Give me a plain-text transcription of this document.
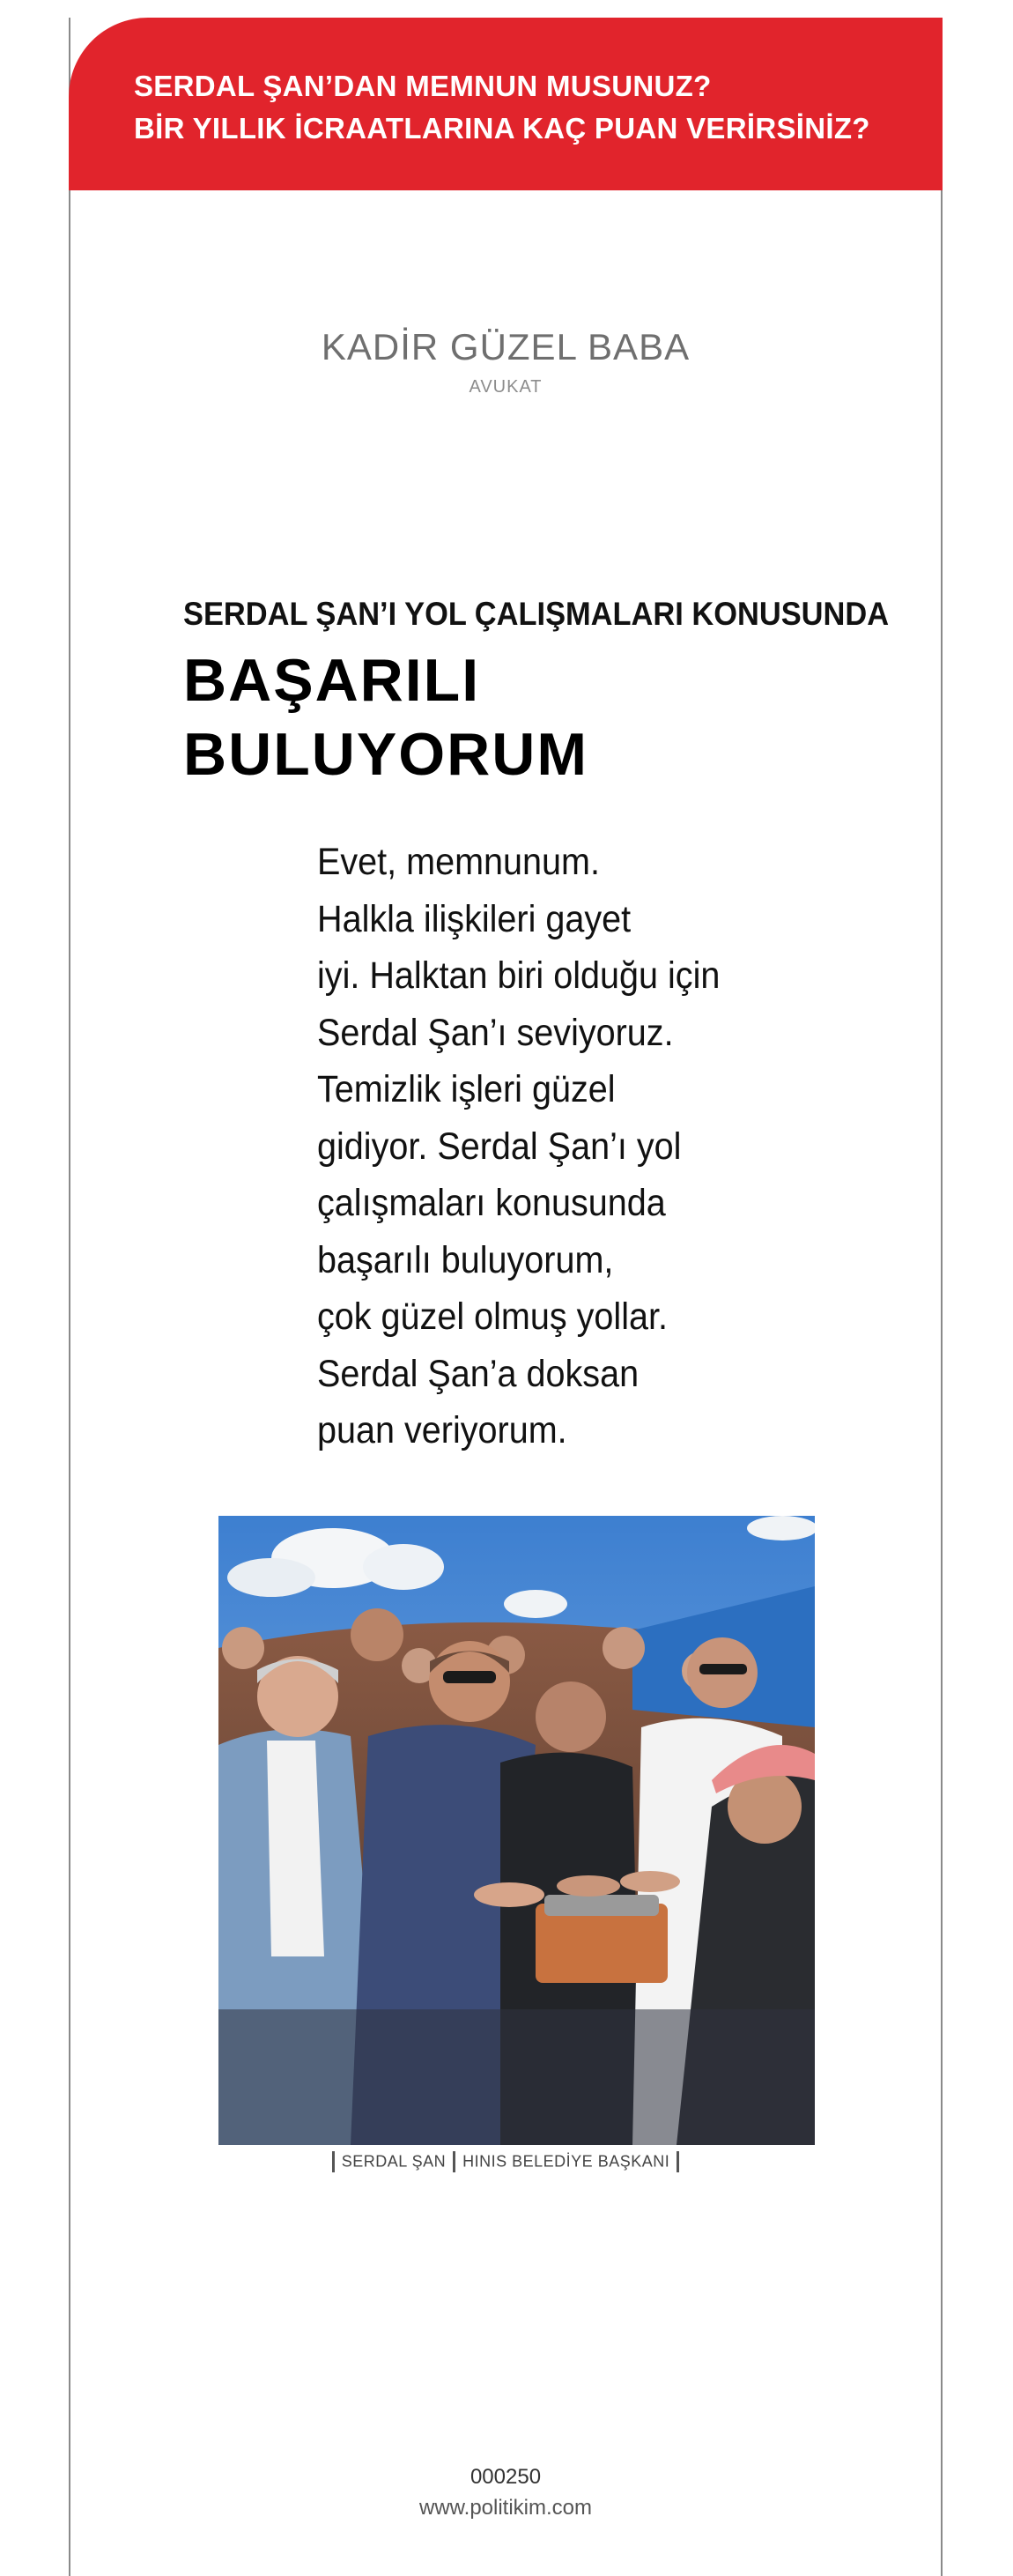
SERDAL ŞAN’DAN MEMNUN MUSUNUZ?
BİR YILLIK İCRAATLARINA KAÇ PUAN VERİRSİNİZ?
KADİR GÜZEL BABA
AVUKAT
SERDAL ŞAN’I YOL ÇALIŞMALARI KONUSUNDA
BAŞARILI
BULUYORUM
Evet, memnunum.
Halkla ilişkileri gayet
iyi. Halktan biri olduğu için
Serdal Şan’ı seviyoruz.
Temizlik işleri güzel
gidiyor. Serdal Şan’ı yol
çalışmaları konusunda
başarılı buluyorum,
çok güzel olmuş yollar.
Serdal Şan’a doksan
puan veriyorum.
SERDAL ŞAN HINIS BELEDİYE BAŞKANI
000250
www.politikim.com
